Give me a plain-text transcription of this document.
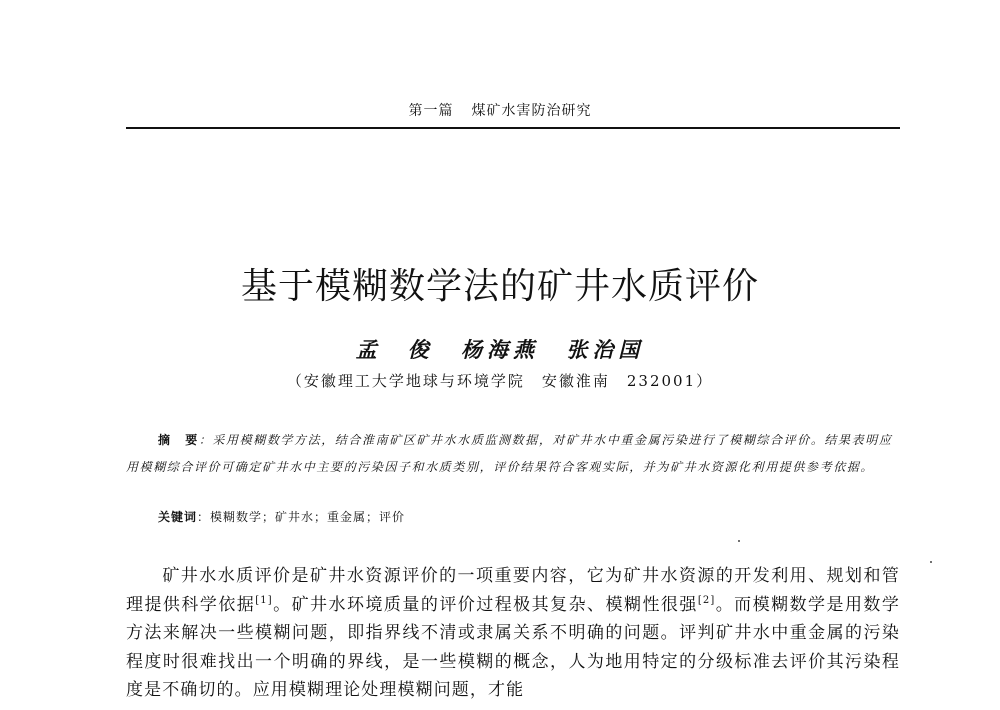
第一篇 煤矿水害防治研究
基于模糊数学法的矿井水质评价
孟　俊 杨海燕 张治国
（安徽理工大学地球与环境学院　安徽淮南　232001）
摘　要：采用模糊数学方法，结合淮南矿区矿井水水质监测数据，对矿井水中重金属污染进行了模糊综合评价。结果表明应用模糊综合评价可确定矿井水中主要的污染因子和水质类别，评价结果符合客观实际，并为矿井水资源化利用提供参考依据。
关键词：模糊数学；矿井水；重金属；评价
矿井水水质评价是矿井水资源评价的一项重要内容，它为矿井水资源的开发利用、规划和管理提供科学依据[1]。矿井水环境质量的评价过程极其复杂、模糊性很强[2]。而模糊数学是用数学方法来解决一些模糊问题，即指界线不清或隶属关系不明确的问题。评判矿井水中重金属的污染程度时很难找出一个明确的界线，是一些模糊的概念，人为地用特定的分级标准去评价其污染程度是不确切的。应用模糊理论处理模糊问题，才能
